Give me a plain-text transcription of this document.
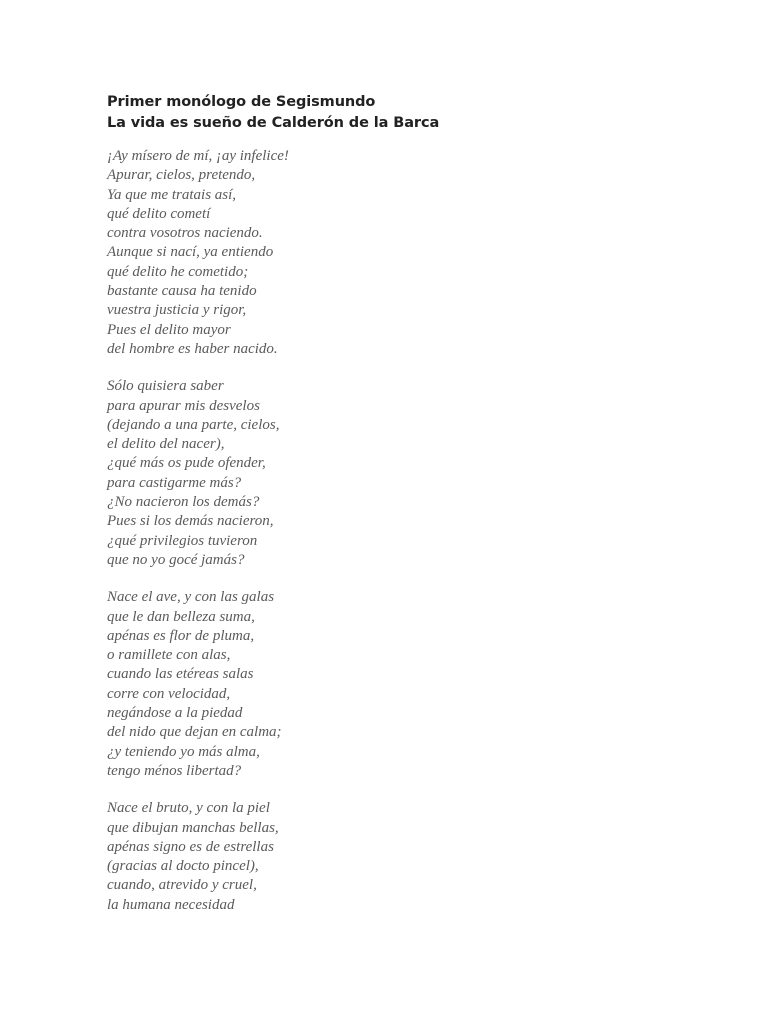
Primer monólogo de Segismundo
La vida es sueño de Calderón de la Barca
¡Ay mísero de mí, ¡ay infelice!
Apurar, cielos, pretendo,
Ya que me tratais así,
qué delito cometí
contra vosotros naciendo.
Aunque si nací, ya entiendo
qué delito he cometido;
bastante causa ha tenido
vuestra justicia y rigor,
Pues el delito mayor
del hombre es haber nacido.
Sólo quisiera saber
para apurar mis desvelos
(dejando a una parte, cielos,
el delito del nacer),
¿qué más os pude ofender,
para castigarme más?
¿No nacieron los demás?
Pues si los demás nacieron,
¿qué privilegios tuvieron
que no yo gocé jamás?
Nace el ave, y con las galas
que le dan belleza suma,
apénas es flor de pluma,
o ramillete con alas,
cuando las etéreas salas
corre con velocidad,
negándose a la piedad
del nido que dejan en calma;
¿y teniendo yo más alma,
tengo ménos libertad?
Nace el bruto, y con la piel
que dibujan manchas bellas,
apénas signo es de estrellas
(gracias al docto pincel),
cuando, atrevido y cruel,
la humana necesidad
